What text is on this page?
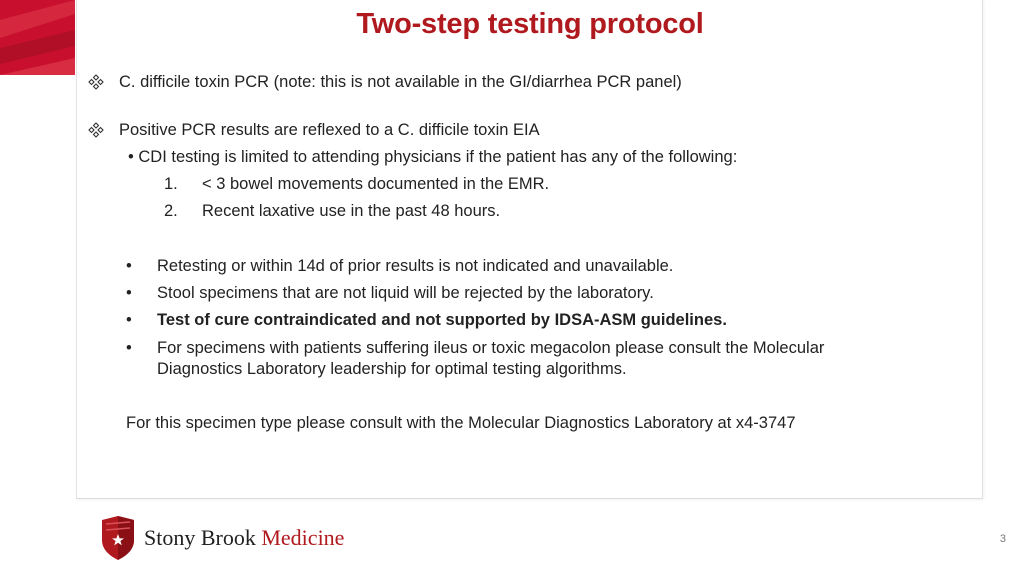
Two-step testing protocol
C. difficile toxin PCR (note: this is not available in the GI/diarrhea PCR panel)
Positive PCR results are reflexed to a C. difficile toxin EIA
• CDI testing is limited to attending physicians if the patient has any of the following:
1. < 3 bowel movements documented in the EMR.
2. Recent laxative use in the past 48 hours.
• Retesting or within 14d of prior results is not indicated and unavailable.
• Stool specimens that are not liquid will be rejected by the laboratory.
• Test of cure contraindicated and not supported by IDSA-ASM guidelines.
• For specimens with patients suffering ileus or toxic megacolon please consult the Molecular
Diagnostics Laboratory leadership for optimal testing algorithms.
For this specimen type please consult with the Molecular Diagnostics Laboratory at x4-3747
Stony Brook Medicine	3
